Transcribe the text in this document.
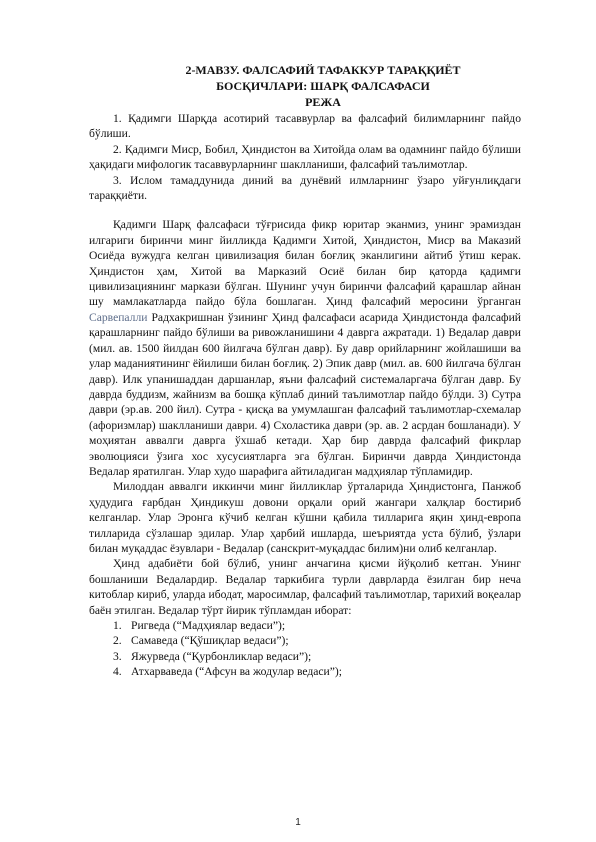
2-МАВЗУ. ФАЛСАФИЙ ТАФАККУР ТАРАҚҚИЁТ
БОСҚИЧЛАРИ: ШАРҚ ФАЛСАФАСИ
РЕЖА

1. Қадимги Шарқда асотирий тасаввурлар ва фалсафий билимларнинг пайдо бўлиши.

2. Қадимги Миср, Бобил, Ҳиндистон ва Хитойда олам ва одамнинг пайдо бўлиши ҳақидаги мифологик тасаввурларнинг шаклланиши, фалсафий таълимотлар.

3. Ислом тамаддунида диний ва дунёвий илмларнинг ўзаро уйғунлиқдаги тараққиёти.

Қадимги Шарқ фалсафаси тўғрисида фикр юритар эканмиз, унинг эрамиздан илгариги биринчи минг йилликда Қадимги Хитой, Ҳиндистон, Миср ва Маказий Осиёда вужудга келган цивилизация билан боғлиқ эканлигини айтиб ўтиш керак. Ҳиндистон ҳам, Хитой ва Марказий Осиё билан бир қаторда қадимги цивилизациянинг маркази бўлган. Шунинг учун биринчи фалсафий қарашлар айнан шу мамлакатларда пайдо бўла бошлаган. Ҳинд фалсафий меросини ўрганган Сарвепалли Радхакришнан ўзининг Ҳинд фалсафаси асарида Ҳиндистонда фалсафий қарашларнинг пайдо бўлиши ва ривожланишини 4 даврга ажратади. 1) Ведалар даври (мил. ав. 1500 йилдан 600 йилгача бўлган давр). Бу давр орийларнинг жойлашиши ва улар маданиятининг ёйилиши билан боғлиқ. 2) Эпик давр (мил. ав. 600 йилгача бўлган давр). Илк упанишаддан даршанлар, яъни фалсафий системаларгача бўлган давр. Бу даврда буддизм, жайнизм ва бошқа кўплаб диний таълимотлар пайдо бўлди. 3) Сутра даври (эр.ав. 200 йил). Сутра - қисқа ва умумлашган фалсафий таълимотлар-схемалар (афоризмлар) шаклланиши даври. 4) Схоластика даври (эр. ав. 2 асрдан бошланади). У моҳиятан аввалги даврга ўхшаб кетади. Ҳар бир даврда фалсафий фикрлар эволюцияси ўзига хос хусусиятларга эга бўлган. Биринчи даврда Ҳиндистонда Ведалар яратилган. Улар худо шарафига айтиладиган мадҳиялар тўпламидир.

Милоддан аввалги иккинчи минг йилликлар ўрталарида Ҳиндистонга, Панжоб ҳудудига ғарбдан Ҳиндикуш довони орқали орий жангари халқлар бостириб келганлар. Улар Эронга кўчиб келган кўшни қабила тилларига яқин ҳинд-европа тилларида сўзлашар эдилар. Улар ҳарбий ишларда, шеъриятда уста бўлиб, ўзлари билан муқаддас ёзувлари - Ведалар (санскрит-муқаддас билим)ни олиб келганлар.

Ҳинд адабиёти бой бўлиб, унинг анчагина қисми йўқолиб кетган. Унинг бошланиши Ведалардир. Ведалар таркибига турли даврларда ёзилган бир неча китоблар кириб, уларда ибодат, маросимлар, фалсафий таълимотлар, тарихий воқеалар баён этилган. Ведалар тўрт йирик тўпламдан иборат:

1. Ригведа (“Мадҳиялар ведаси”);
2. Самаведа (“Қўшиқлар ведаси”);
3. Яжурведа (“Қурбонликлар ведаси”);
4. Атхарваведа (“Афсун ва жодулар ведаси”);
1
